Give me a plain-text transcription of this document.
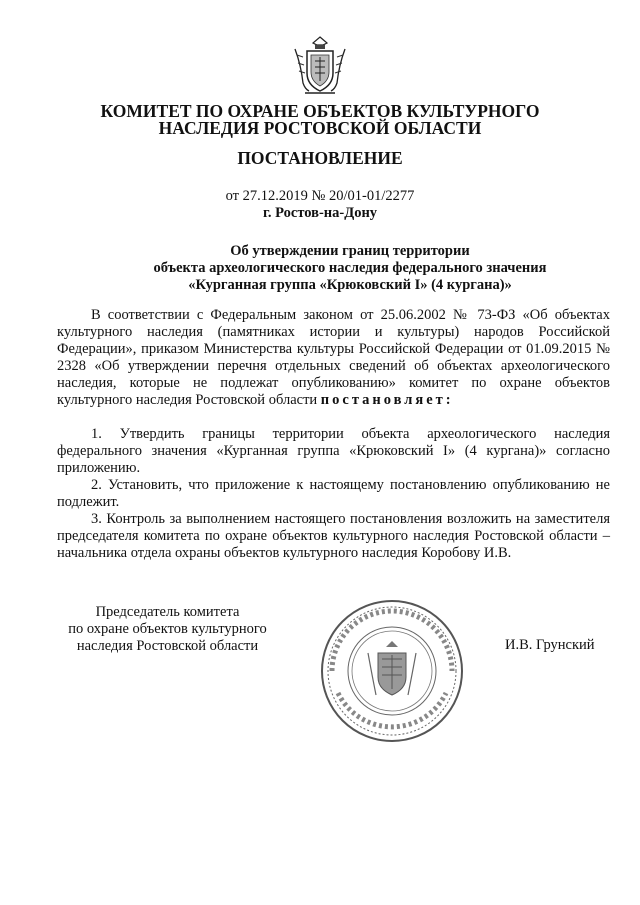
КОМИТЕТ ПО ОХРАНЕ ОБЪЕКТОВ КУЛЬТУРНОГО
НАСЛЕДИЯ РОСТОВСКОЙ ОБЛАСТИ
ПОСТАНОВЛЕНИЕ
от 27.12.2019 № 20/01-01/2277
г. Ростов-на-Дону
Об утверждении границ территории
объекта археологического наследия федерального значения
«Курганная группа «Крюковский I» (4 кургана)»

В соответствии с Федеральным законом от 25.06.2002 № 73-ФЗ «Об объектах культурного наследия (памятниках истории и культуры) народов Российской Федерации», приказом Министерства культуры Российской Федерации от 01.09.2015 № 2328 «Об утверждении перечня отдельных сведений об объектах археологического наследия, которые не подлежат опубликованию» комитет по охране объектов культурного наследия Ростовской области постановляет:

1. Утвердить границы территории объекта археологического наследия федерального значения «Курганная группа «Крюковский I» (4 кургана)» согласно приложению.

2. Установить, что приложение к настоящему постановлению опубликованию не подлежит.

3. Контроль за выполнением настоящего постановления возложить на заместителя председателя комитета по охране объектов культурного наследия Ростовской области – начальника отдела охраны объектов культурного наследия Коробову И.В.

Председатель комитета
по охране объектов культурного
наследия Ростовской области	И.В. Грунский
